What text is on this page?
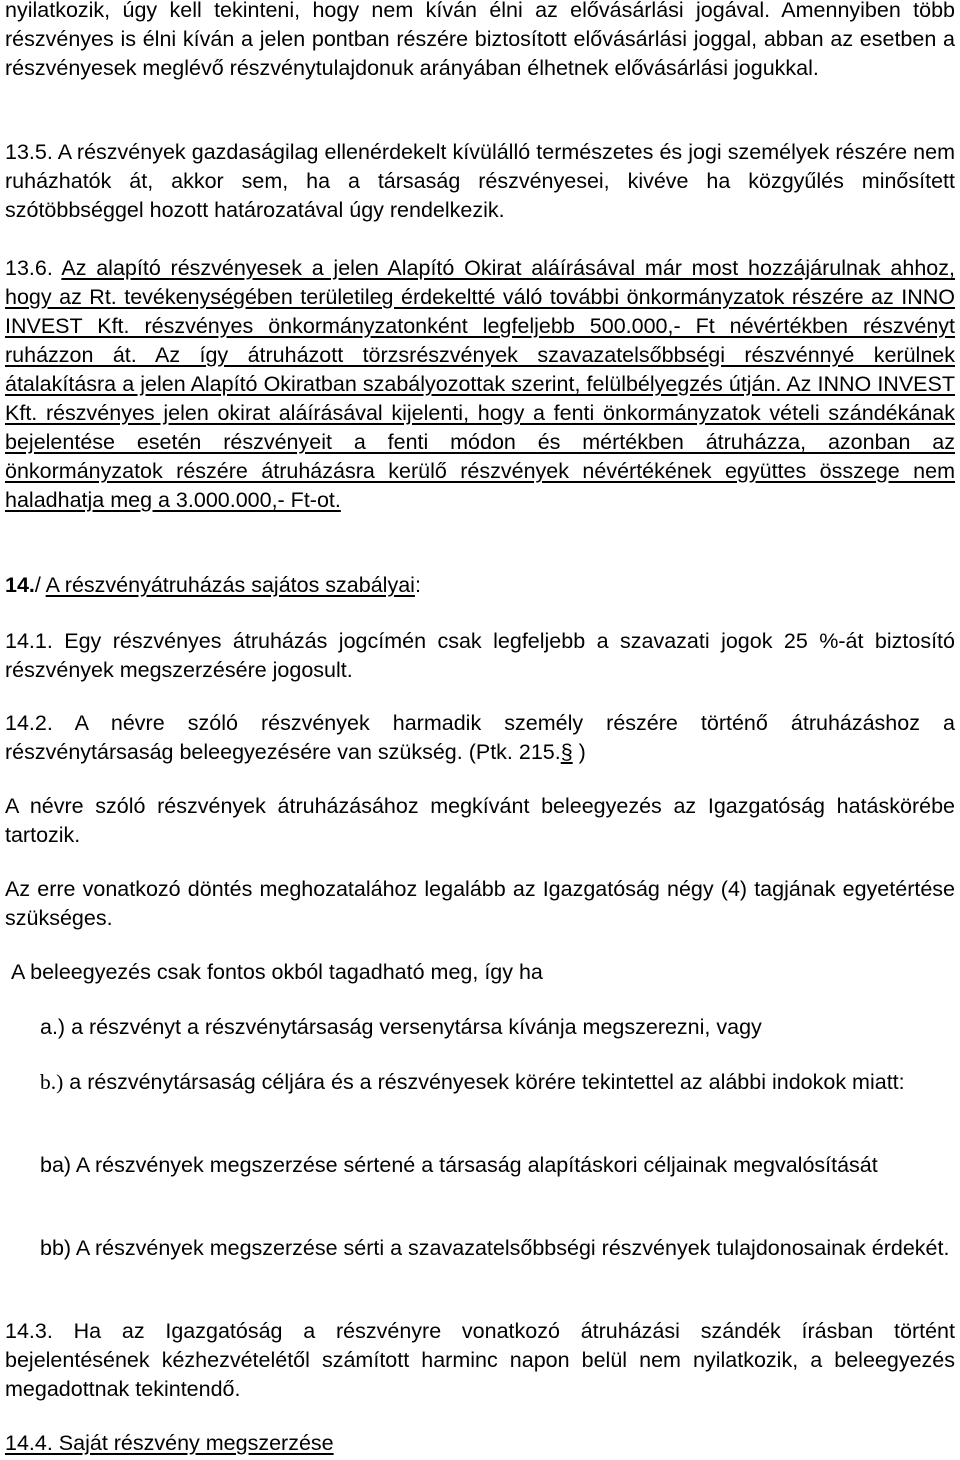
nyilatkozik, úgy kell tekinteni, hogy nem kíván élni az elővásárlási jogával. Amennyiben több részvényes is élni kíván a jelen pontban részére biztosított elővásárlási joggal, abban az esetben a részvényesek meglévő részvénytulajdonuk arányában élhetnek elővásárlási jogukkal.

13.5. A részvények gazdaságilag ellenérdekelt kívülálló természetes és jogi személyek részére nem ruházhatók át, akkor sem, ha a társaság részvényesei, kivéve ha közgyűlés minősített szótöbbséggel hozott határozatával úgy rendelkezik.

13.6. Az alapító részvényesek a jelen Alapító Okirat aláírásával már most hozzájárulnak ahhoz, hogy az Rt. tevékenységében területileg érdekeltté váló további önkormányzatok részére az INNO INVEST Kft. részvényes önkormányzatonként legfeljebb 500.000,- Ft névértékben részvényt ruházzon át. Az így átruházott törzsrészvények szavazatelsőbbségi részvénnyé kerülnek átalakításra a jelen Alapító Okiratban szabályozottak szerint, felülbélyegzés útján. Az INNO INVEST Kft. részvényes jelen okirat aláírásával kijelenti, hogy a fenti önkormányzatok vételi szándékának bejelentése esetén részvényeit a fenti módon és mértékben átruházza, azonban az önkormányzatok részére átruházásra kerülő részvények névértékének együttes összege nem haladhatja meg a 3.000.000,- Ft-ot.

14./ A részvényátruházás sajátos szabályai:

14.1. Egy részvényes átruházás jogcímén csak legfeljebb a szavazati jogok 25 %-át biztosító részvények megszerzésére jogosult.

14.2. A névre szóló részvények harmadik személy részére történő átruházáshoz a részvénytársaság beleegyezésére van szükség. (Ptk. 215.§ )

A névre szóló részvények átruházásához megkívánt beleegyezés az Igazgatóság hatáskörébe tartozik.

Az erre vonatkozó döntés meghozatalához legalább az Igazgatóság négy (4) tagjának egyetértése szükséges.

A beleegyezés csak fontos okból tagadható meg, így ha

a.) a részvényt a részvénytársaság versenytársa kívánja megszerezni, vagy

b.) a részvénytársaság céljára és a részvényesek körére tekintettel az alábbi indokok miatt:

ba) A részvények megszerzése sértené a társaság alapításkori céljainak megvalósítását

bb) A részvények megszerzése sérti a szavazatelsőbbségi részvények tulajdonosainak érdekét.

14.3. Ha az Igazgatóság a részvényre vonatkozó átruházási szándék írásban történt bejelentésének kézhezvételétől számított harminc napon belül nem nyilatkozik, a beleegyezés megadottnak tekintendő.

14.4. Saját részvény megszerzése
